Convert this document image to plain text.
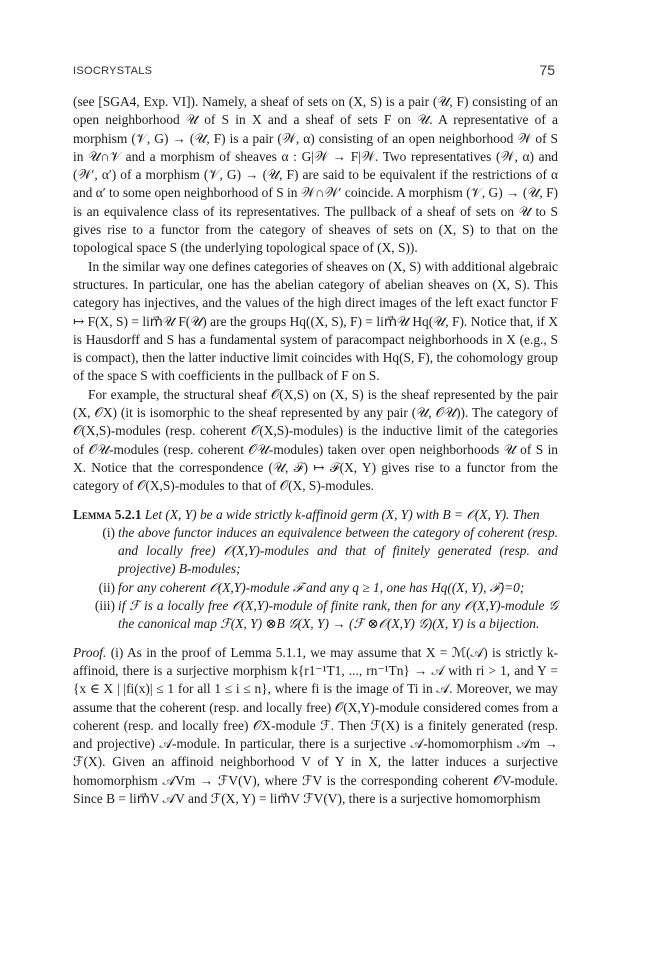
ISOCRYSTALS	75

(see [SGA4, Exp. VI]). Namely, a sheaf of sets on (X, S) is a pair (𝒰, F) consisting of an open neighborhood 𝒰 of S in X and a sheaf of sets F on 𝒰. A representative of a morphism (𝒱, G) → (𝒰, F) is a pair (𝒲, α) consisting of an open neighborhood 𝒲 of S in 𝒰∩𝒱 and a morphism of sheaves α : G|𝒲 → F|𝒲. Two representatives (𝒲, α) and (𝒲′, α′) of a morphism (𝒱, G) → (𝒰, F) are said to be equivalent if the restrictions of α and α′ to some open neighborhood of S in 𝒲∩𝒲′ coincide. A morphism (𝒱, G) → (𝒰, F) is an equivalence class of its representatives. The pullback of a sheaf of sets on 𝒰 to S gives rise to a functor from the category of sheaves of sets on (X, S) to that on the topological space S (the underlying topological space of (X, S)).

In the similar way one defines categories of sheaves on (X, S) with additional algebraic structures. In particular, one has the abelian category of abelian sheaves on (X, S). This category has injectives, and the values of the high direct images of the left exact functor F ↦ F(X, S) = lim⃗𝒰 F(𝒰) are the groups Hq((X, S), F) = lim⃗𝒰 Hq(𝒰, F). Notice that, if X is Hausdorff and S has a fundamental system of paracompact neighborhoods in X (e.g., S is compact), then the latter inductive limit coincides with Hq(S, F), the cohomology group of the space S with coefficients in the pullback of F on S.

For example, the structural sheaf 𝒪(X,S) on (X, S) is the sheaf represented by the pair (X, 𝒪X) (it is isomorphic to the sheaf represented by any pair (𝒰, 𝒪𝒰)). The category of 𝒪(X,S)-modules (resp. coherent 𝒪(X,S)-modules) is the inductive limit of the categories of 𝒪𝒰-modules (resp. coherent 𝒪𝒰-modules) taken over open neighborhoods 𝒰 of S in X. Notice that the correspondence (𝒰, ℱ) ↦ ℱ(X, Y) gives rise to a functor from the category of 𝒪(X,S)-modules to that of 𝒪(X, S)-modules.

Lemma 5.2.1 Let (X, Y) be a wide strictly k-affinoid germ (X, Y) with B = 𝒪(X, Y). Then

(i) the above functor induces an equivalence between the category of coherent (resp. and locally free) 𝒪(X,Y)-modules and that of finitely generated (resp. and projective) B-modules;
(ii) for any coherent 𝒪(X,Y)-module ℱ and any q ≥ 1, one has Hq((X, Y), ℱ)=0;
(iii) if ℱ is a locally free 𝒪(X,Y)-module of finite rank, then for any 𝒪(X,Y)-module 𝒢 the canonical map ℱ(X, Y) ⊗B 𝒢(X, Y) → (ℱ ⊗𝒪(X,Y) 𝒢)(X, Y) is a bijection.

Proof. (i) As in the proof of Lemma 5.1.1, we may assume that X = ℳ(𝒜) is strictly k-affinoid, there is a surjective morphism k{r1⁻¹T1, ..., rn⁻¹Tn} → 𝒜 with ri > 1, and Y = {x ∈ X | |fi(x)| ≤ 1 for all 1 ≤ i ≤ n}, where fi is the image of Ti in 𝒜. Moreover, we may assume that the coherent (resp. and locally free) 𝒪(X,Y)-module considered comes from a coherent (resp. and locally free) 𝒪X-module ℱ. Then ℱ(X) is a finitely generated (resp. and projective) 𝒜-module. In particular, there is a surjective 𝒜-homomorphism 𝒜m → ℱ(X). Given an affinoid neighborhood V of Y in X, the latter induces a surjective homomorphism 𝒜Vm → ℱV(V), where ℱV is the corresponding coherent 𝒪V-module. Since B = lim⃗V 𝒜V and ℱ(X, Y) = lim⃗V ℱV(V), there is a surjective homomorphism
